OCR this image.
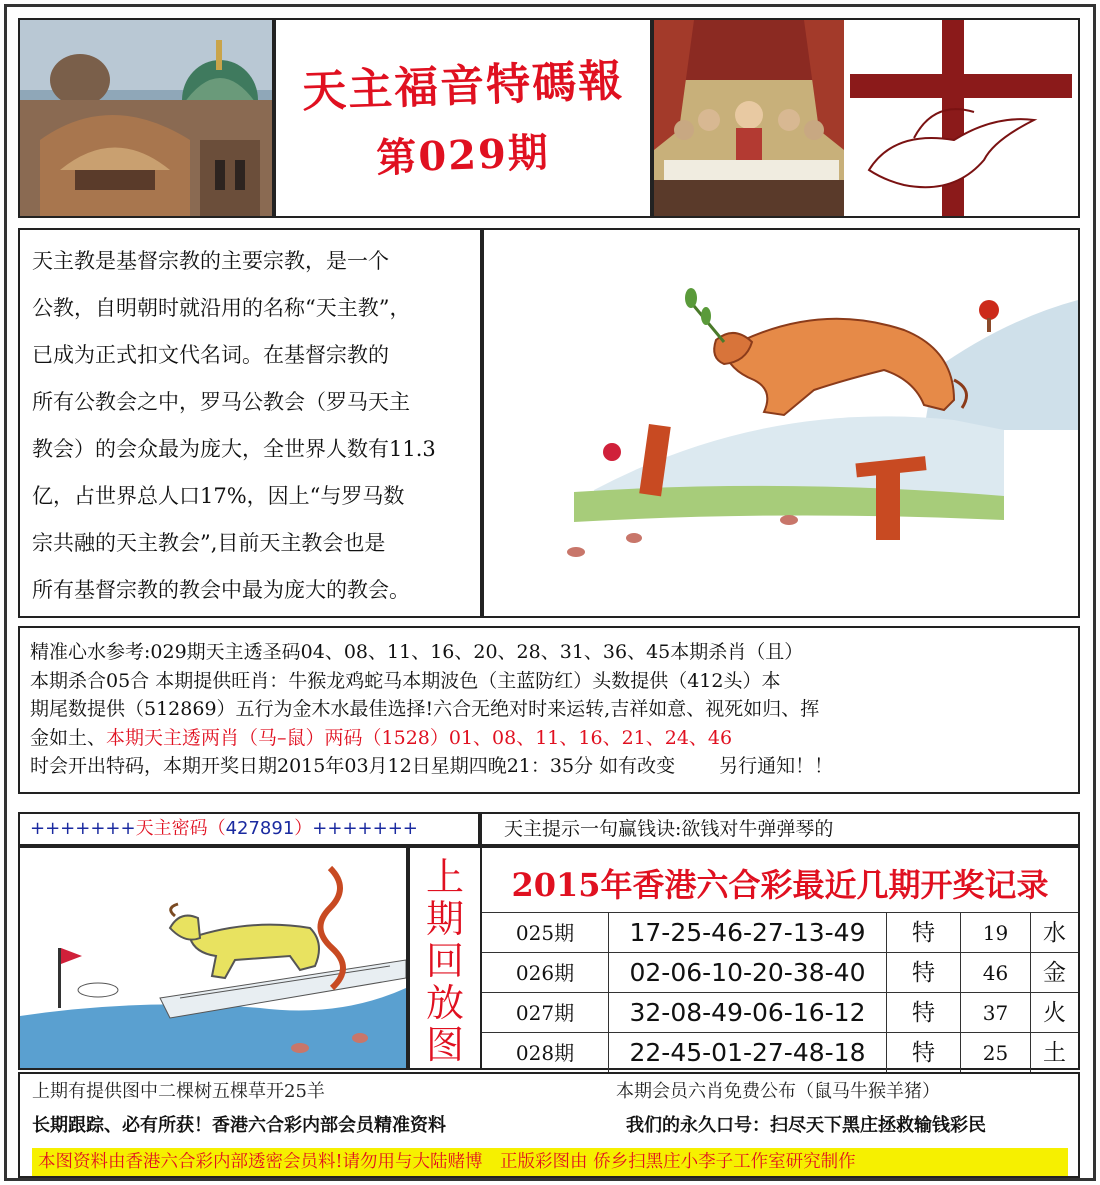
天主福音特碼報
第029期

天主教是基督宗教的主要宗教，是一个

公教，自明朝时就沿用的名称“天主教”，

已成为正式扣文代名词。在基督宗教的

所有公教会之中，罗马公教会（罗马天主

教会）的会众最为庞大，全世界人数有11.3

亿，占世界总人口17%，因上“与罗马数

宗共融的天主教会”,目前天主教会也是

所有基督宗教的教会中最为庞大的教会。

精准心水参考:029期天主透圣码04、08、11、16、20、28、31、36、45本期杀肖（且）

本期杀合05合 本期提供旺肖：牛猴龙鸡蛇马本期波色（主蓝防红）头数提供（412头）本

期尾数提供（512869）五行为金木水最佳选择!六合无绝对时来运转,吉祥如意、视死如归、挥

金如土、本期天主透两肖（马–鼠）两码（1528）01、08、11、16、21、24、46

时会开出特码，本期开奖日期2015年03月12日星期四晚21：35分 如有改变　　 另行通知！！

+++++++天主密码（427891）+++++++	天主提示一句赢钱诀:欲钱对牛弹弹琴的
上
期
回
放
图
2015年香港六合彩最近几期开奖记录
025期	17-25-46-27-13-49	特	19	水
026期	02-06-10-20-38-40	特	46	金
027期	32-08-49-06-16-12	特	37	火
028期	22-45-01-27-48-18	特	25	土

上期有提供图中二棵树五棵草开25羊	本期会员六肖免费公布（鼠马牛猴羊猪）

长期跟踪、必有所获！香港六合彩内部会员精准资料	我们的永久口号：扫尽天下黑庄拯救输钱彩民

本图资料由香港六合彩内部透密会员料!请勿用与大陆赌博　正版彩图由 侨乡扫黑庄小李子工作室研究制作
